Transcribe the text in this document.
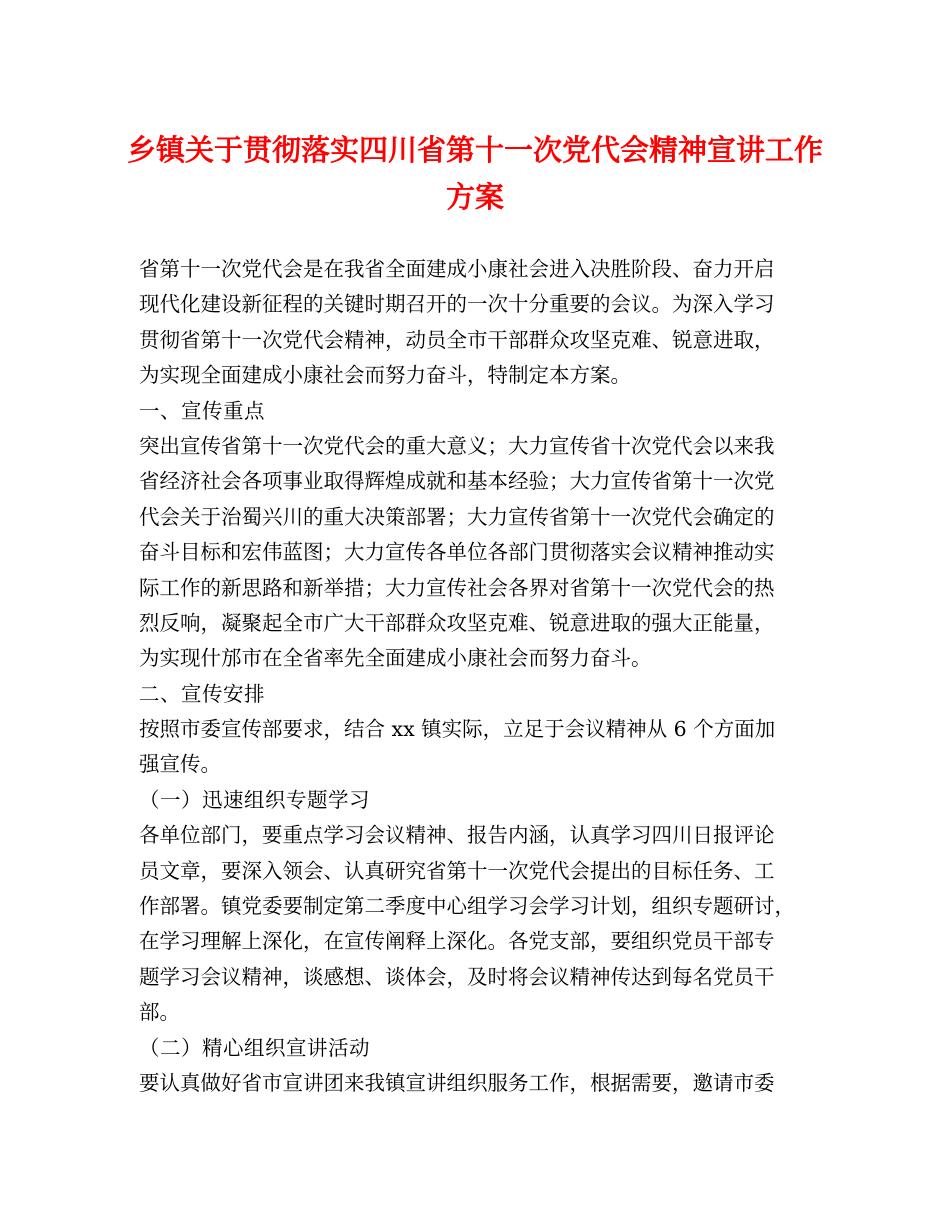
乡镇关于贯彻落实四川省第十一次党代会精神宣讲工作
方案
省第十一次党代会是在我省全面建成小康社会进入决胜阶段、奋力开启
现代化建设新征程的关键时期召开的一次十分重要的会议。为深入学习
贯彻省第十一次党代会精神，动员全市干部群众攻坚克难、锐意进取，
为实现全面建成小康社会而努力奋斗，特制定本方案。
一、宣传重点
突出宣传省第十一次党代会的重大意义；大力宣传省十次党代会以来我
省经济社会各项事业取得辉煌成就和基本经验；大力宣传省第十一次党
代会关于治蜀兴川的重大决策部署；大力宣传省第十一次党代会确定的
奋斗目标和宏伟蓝图；大力宣传各单位各部门贯彻落实会议精神推动实
际工作的新思路和新举措；大力宣传社会各界对省第十一次党代会的热
烈反响，凝聚起全市广大干部群众攻坚克难、锐意进取的强大正能量，
为实现什邡市在全省率先全面建成小康社会而努力奋斗。
二、宣传安排
按照市委宣传部要求，结合 xx 镇实际，立足于会议精神从 6 个方面加
强宣传。
（一）迅速组织专题学习
各单位部门，要重点学习会议精神、报告内涵，认真学习四川日报评论
员文章，要深入领会、认真研究省第十一次党代会提出的目标任务、工
作部署。镇党委要制定第二季度中心组学习会学习计划，组织专题研讨，
在学习理解上深化，在宣传阐释上深化。各党支部，要组织党员干部专
题学习会议精神，谈感想、谈体会，及时将会议精神传达到每名党员干
部。
（二）精心组织宣讲活动
要认真做好省市宣讲团来我镇宣讲组织服务工作，根据需要，邀请市委
